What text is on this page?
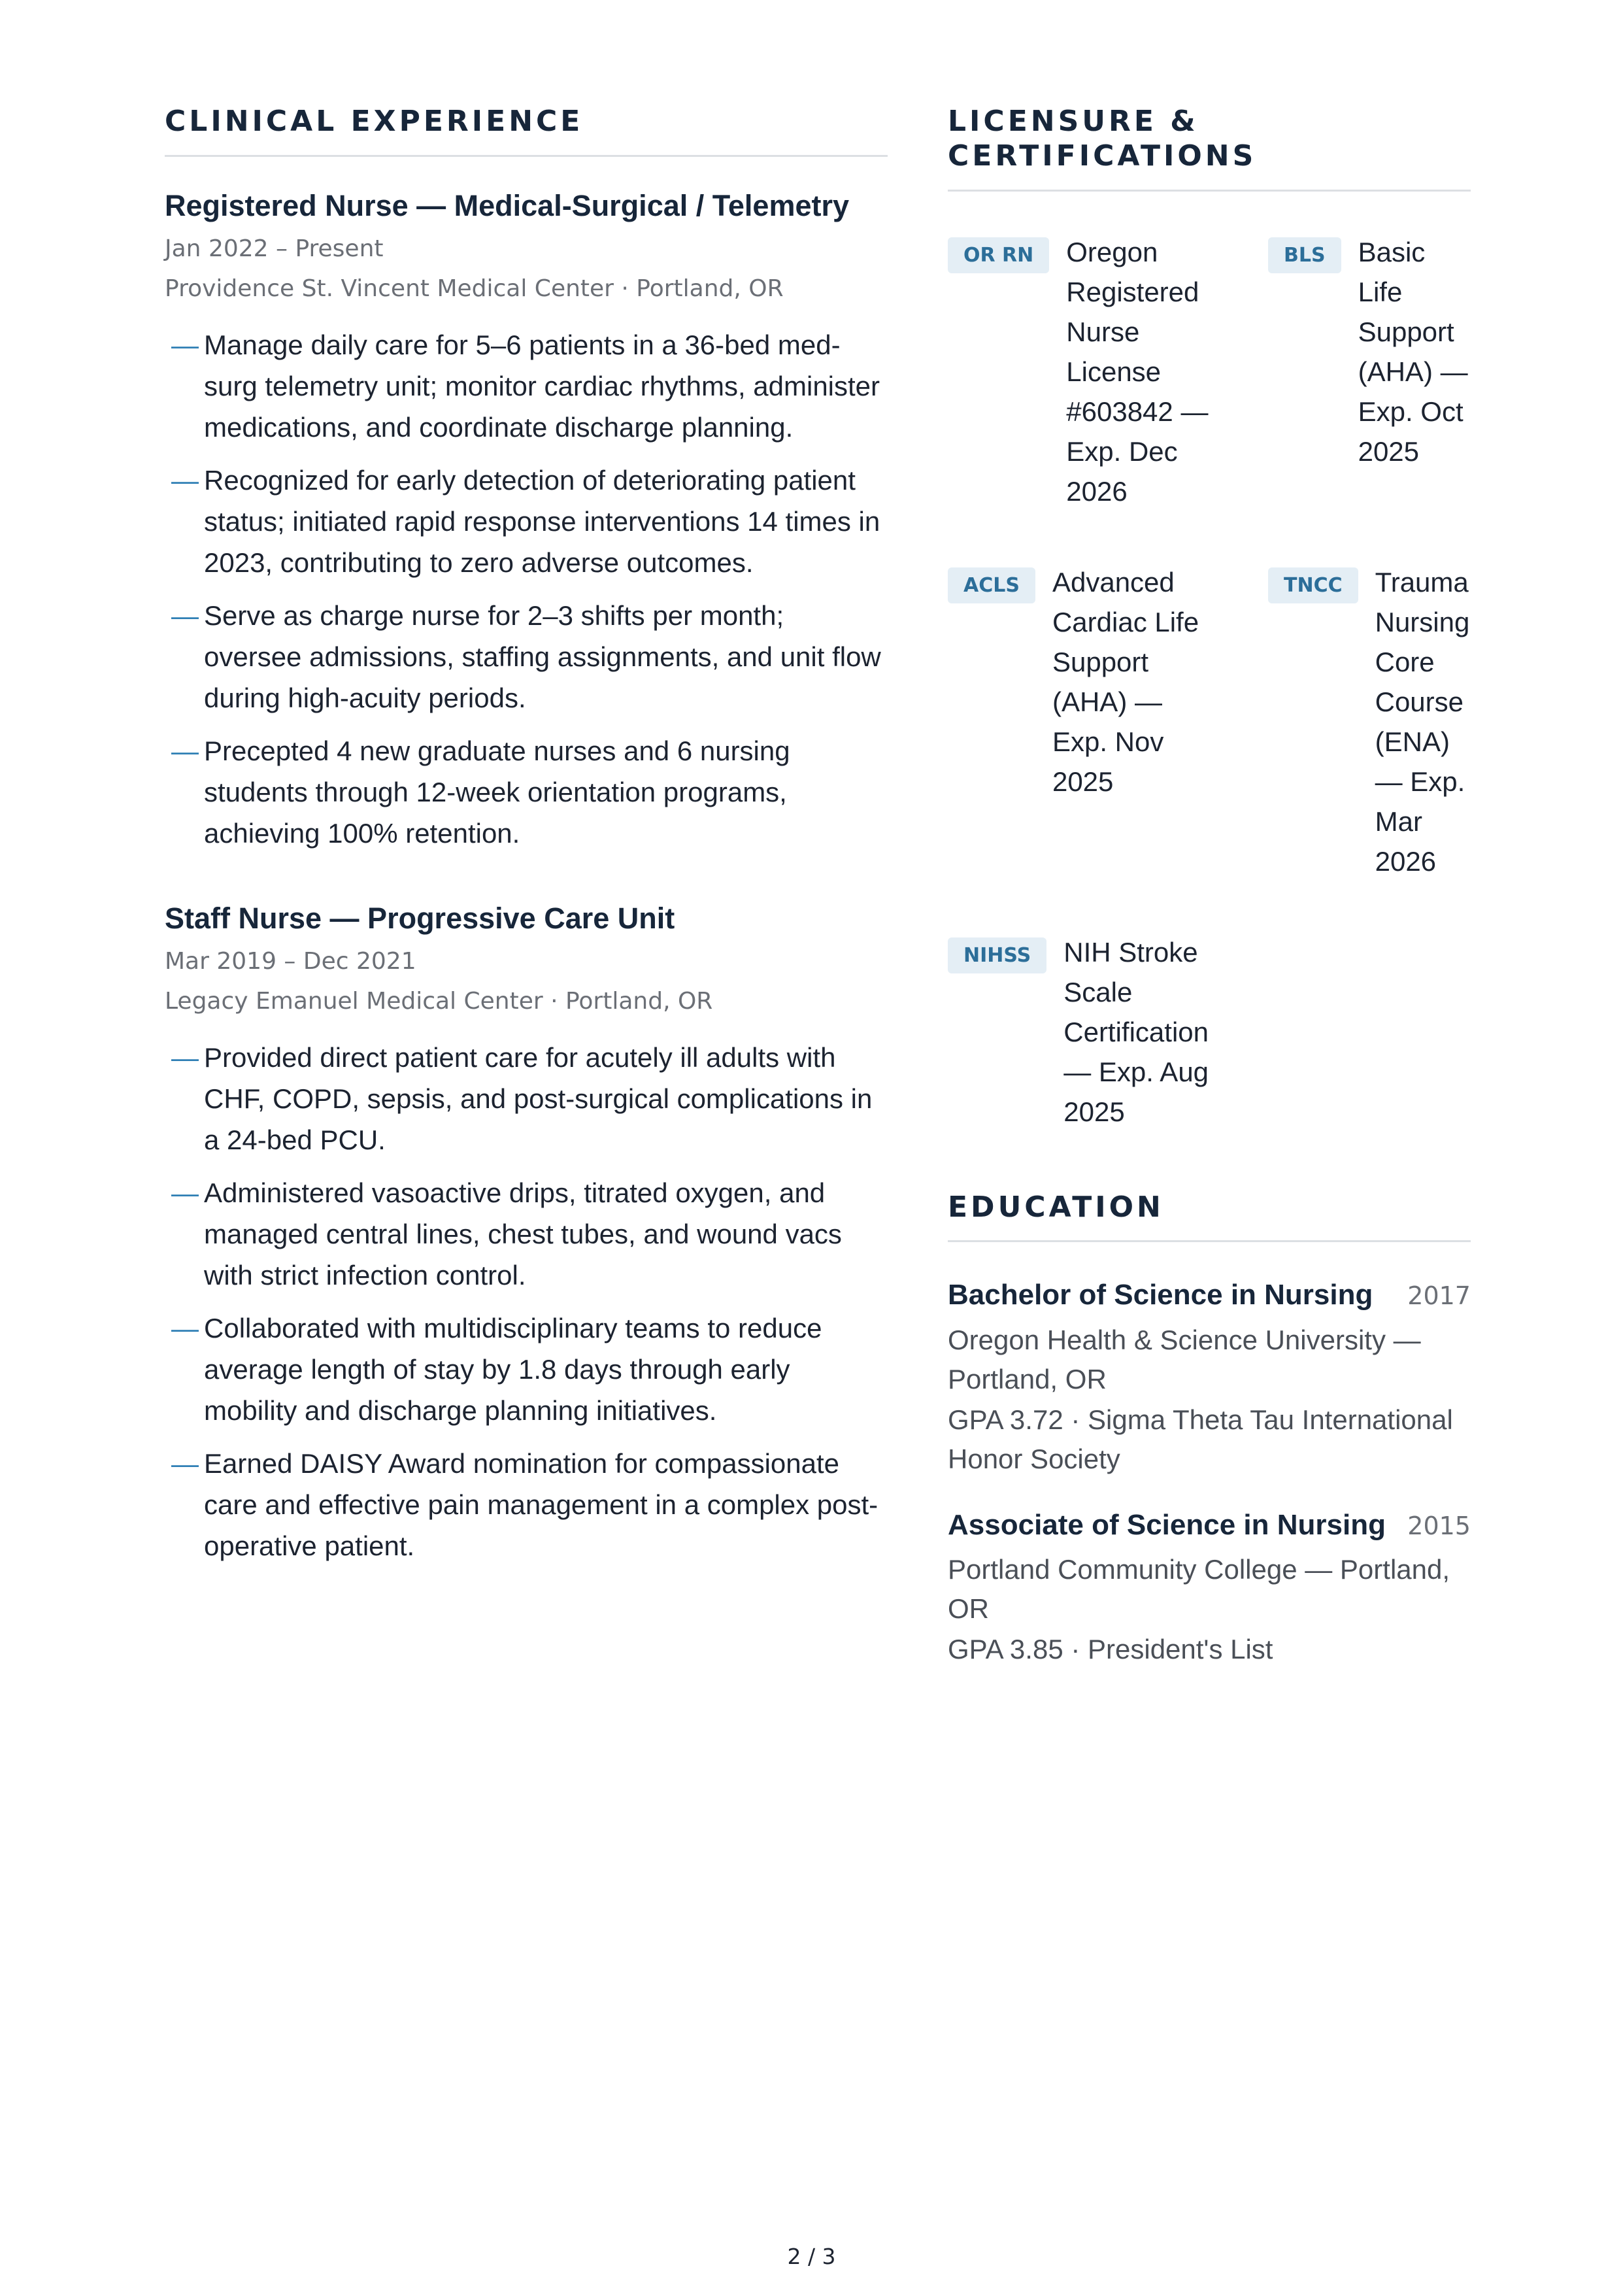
CLINICAL EXPERIENCE
Registered Nurse — Medical-Surgical / Telemetry
Jan 2022 – Present
Providence St. Vincent Medical Center · Portland, OR
— Manage daily care for 5–6 patients in a 36-bed med-surg telemetry unit; monitor cardiac rhythms, administer medications, and coordinate discharge planning.
— Recognized for early detection of deteriorating patient status; initiated rapid response interventions 14 times in 2023, contributing to zero adverse outcomes.
— Serve as charge nurse for 2–3 shifts per month; oversee admissions, staffing assignments, and unit flow during high-acuity periods.
— Precepted 4 new graduate nurses and 6 nursing students through 12-week orientation programs, achieving 100% retention.
Staff Nurse — Progressive Care Unit
Mar 2019 – Dec 2021
Legacy Emanuel Medical Center · Portland, OR
— Provided direct patient care for acutely ill adults with CHF, COPD, sepsis, and post-surgical complications in a 24-bed PCU.
— Administered vasoactive drips, titrated oxygen, and managed central lines, chest tubes, and wound vacs with strict infection control.
— Collaborated with multidisciplinary teams to reduce average length of stay by 1.8 days through early mobility and discharge planning initiatives.
— Earned DAISY Award nomination for compassionate care and effective pain management in a complex post-operative patient.
LICENSURE & CERTIFICATIONS
OR RN	Oregon Registered Nurse License #603842 — Exp. Dec 2026
BLS	Basic Life Support (AHA) — Exp. Oct 2025
ACLS	Advanced Cardiac Life Support (AHA) — Exp. Nov 2025
TNCC	Trauma Nursing Core Course (ENA) — Exp. Mar 2026
NIHSS	NIH Stroke Scale Certification — Exp. Aug 2025
EDUCATION
Bachelor of Science in Nursing 2017
Oregon Health & Science University — Portland, OR
GPA 3.72 · Sigma Theta Tau International Honor Society
Associate of Science in Nursing 2015
Portland Community College — Portland, OR
GPA 3.85 · President's List
2 / 3
